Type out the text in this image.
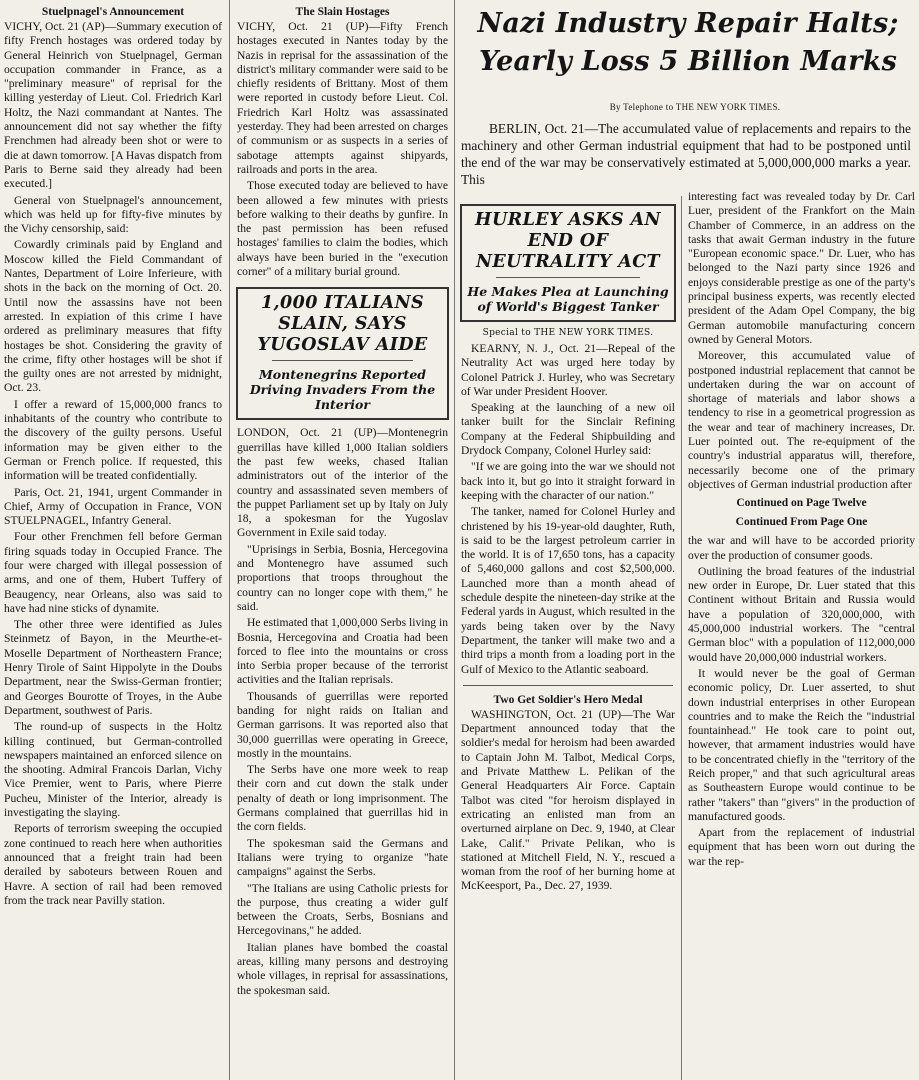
Stuelpnagel's Announcement

VICHY, Oct. 21 (AP)—Summary execution of fifty French hostages was ordered today by General Heinrich von Stuelpnagel, German occupation commander in France, as a "preliminary measure" of reprisal for the killing yesterday of Lieut. Col. Friedrich Karl Holtz, the Nazi commandant at Nantes. The announcement did not say whether the fifty Frenchmen had already been shot or were to die at dawn tomorrow. [A Havas dispatch from Paris to Berne said they already had been executed.]

General von Stuelpnagel's announcement, which was held up for fifty-five minutes by the Vichy censorship, said:

Cowardly criminals paid by England and Moscow killed the Field Commandant of Nantes, Department of Loire Inferieure, with shots in the back on the morning of Oct. 20. Until now the assassins have not been arrested. In expiation of this crime I have ordered as preliminary measures that fifty hostages be shot. Considering the gravity of the crime, fifty other hostages will be shot if the guilty ones are not arrested by midnight, Oct. 23.

I offer a reward of 15,000,000 francs to inhabitants of the country who contribute to the discovery of the guilty persons. Useful information may be given either to the German or French police. If requested, this information will be treated confidentially.

Paris, Oct. 21, 1941, urgent Commander in Chief, Army of Occupation in France, VON STUELPNAGEL, Infantry General.

Four other Frenchmen fell before German firing squads today in Occupied France. The four were charged with illegal possession of arms, and one of them, Hubert Tuffery of Beaugency, near Orleans, also was said to have had nine sticks of dynamite.

The other three were identified as Jules Steinmetz of Bayon, in the Meurthe-et-Moselle Department of Northeastern France; Henry Tirole of Saint Hippolyte in the Doubs Department, near the Swiss-German frontier; and Georges Bourotte of Troyes, in the Aube Department, southwest of Paris.

The round-up of suspects in the Holtz killing continued, but German-controlled newspapers maintained an enforced silence on the shooting. Admiral Francois Darlan, Vichy Vice Premier, went to Paris, where Pierre Pucheu, Minister of the Interior, already is investigating the slaying.

Reports of terrorism sweeping the occupied zone continued to reach here when authorities announced that a freight train had been derailed by saboteurs between Rouen and Havre. A section of rail had been removed from the track near Pavilly station.

The Slain Hostages

VICHY, Oct. 21 (UP)—Fifty French hostages executed in Nantes today by the Nazis in reprisal for the assassination of the district's military commander were said to be chiefly residents of Brittany. Most of them were reported in custody before Lieut. Col. Friedrich Karl Holtz was assassinated yesterday. They had been arrested on charges of communism or as suspects in a series of sabotage attempts against shipyards, railroads and ports in the area.

Those executed today are believed to have been allowed a few minutes with priests before walking to their deaths by gunfire. In the past permission has been refused hostages' families to claim the bodies, which always have been buried in the "execution corner" of a military burial ground.

1,000 ITALIANS SLAIN, SAYS YUGOSLAV AIDE
Montenegrins Reported Driving Invaders From the Interior

LONDON, Oct. 21 (UP)—Montenegrin guerrillas have killed 1,000 Italian soldiers the past few weeks, chased Italian administrators out of the interior of the country and assassinated seven members of the puppet Parliament set up by Italy on July 18, a spokesman for the Yugoslav Government in Exile said today.

"Uprisings in Serbia, Bosnia, Hercegovina and Montenegro have assumed such proportions that troops throughout the country can no longer cope with them," he said.

He estimated that 1,000,000 Serbs living in Bosnia, Hercegovina and Croatia had been forced to flee into the mountains or cross into Serbia proper because of the terrorist activities and the Italian reprisals.

Thousands of guerrillas were reported banding for night raids on Italian and German garrisons. It was reported also that 30,000 guerrillas were operating in Greece, mostly in the mountains.

The Serbs have one more week to reap their corn and cut down the stalk under penalty of death or long imprisonment. The Germans complained that guerrillas hid in the corn fields.

The spokesman said the Germans and Italians were trying to organize "hate campaigns" against the Serbs.

"The Italians are using Catholic priests for the purpose, thus creating a wider gulf between the Croats, Serbs, Bosnians and Hercegovinans," he added.

Italian planes have bombed the coastal areas, killing many persons and destroying whole villages, in reprisal for assassinations, the spokesman said.

Nazi Industry Repair Halts;
Yearly Loss 5 Billion Marks
By Telephone to THE NEW YORK TIMES.

BERLIN, Oct. 21—The accumulated value of replacements and repairs to the machinery and other German industrial equipment that had to be postponed until the end of the war may be conservatively estimated at 5,000,000,000 marks a year. This

HURLEY ASKS AN END OF NEUTRALITY ACT
He Makes Plea at Launching of World's Biggest Tanker
Special to THE NEW YORK TIMES.

KEARNY, N. J., Oct. 21—Repeal of the Neutrality Act was urged here today by Colonel Patrick J. Hurley, who was Secretary of War under President Hoover.

Speaking at the launching of a new oil tanker built for the Sinclair Refining Company at the Federal Shipbuilding and Drydock Company, Colonel Hurley said:

"If we are going into the war we should not back into it, but go into it straight forward in keeping with the character of our nation."

The tanker, named for Colonel Hurley and christened by his 19-year-old daughter, Ruth, is said to be the largest petroleum carrier in the world. It is of 17,650 tons, has a capacity of 5,460,000 gallons and cost $2,500,000. Launched more than a month ahead of schedule despite the nineteen-day strike at the Federal yards in August, which resulted in the yards being taken over by the Navy Department, the tanker will make two and a third trips a month from a loading port in the Gulf of Mexico to the Atlantic seaboard.

Two Get Soldier's Hero Medal

WASHINGTON, Oct. 21 (UP)—The War Department announced today that the soldier's medal for heroism had been awarded to Captain John M. Talbot, Medical Corps, and Private Matthew L. Pelikan of the General Headquarters Air Force. Captain Talbot was cited "for heroism displayed in extricating an enlisted man from an overturned airplane on Dec. 9, 1940, at Clear Lake, Calif." Private Pelikan, who is stationed at Mitchell Field, N. Y., rescued a woman from the roof of her burning home at McKeesport, Pa., Dec. 27, 1939.

interesting fact was revealed today by Dr. Carl Luer, president of the Frankfort on the Main Chamber of Commerce, in an address on the tasks that await German industry in the future "European economic space." Dr. Luer, who has belonged to the Nazi party since 1926 and enjoys considerable prestige as one of the party's principal business experts, was recently elected president of the Adam Opel Company, the big German automobile manufacturing concern owned by General Motors.

Moreover, this accumulated value of postponed industrial replacement that cannot be undertaken during the war on account of shortage of materials and labor shows a tendency to rise in a geometrical progression as the wear and tear of machinery increases, Dr. Luer pointed out. The re-equipment of the country's industrial apparatus will, therefore, necessarily become one of the primary objectives of German industrial production after

Continued on Page Twelve
Continued From Page One

the war and will have to be accorded priority over the production of consumer goods.

Outlining the broad features of the industrial new order in Europe, Dr. Luer stated that this Continent without Britain and Russia would have a population of 320,000,000, with 45,000,000 industrial workers. The "central German bloc" with a population of 112,000,000 would have 20,000,000 industrial workers.

It would never be the goal of German economic policy, Dr. Luer asserted, to shut down industrial enterprises in other European countries and to make the Reich the "industrial fountainhead." He took care to point out, however, that armament industries would have to be concentrated chiefly in the "territory of the Reich proper," and that such agricultural areas as Southeastern Europe would continue to be rather "takers" than "givers" in the production of manufactured goods.

Apart from the replacement of industrial equipment that has been worn out during the war the rep-
